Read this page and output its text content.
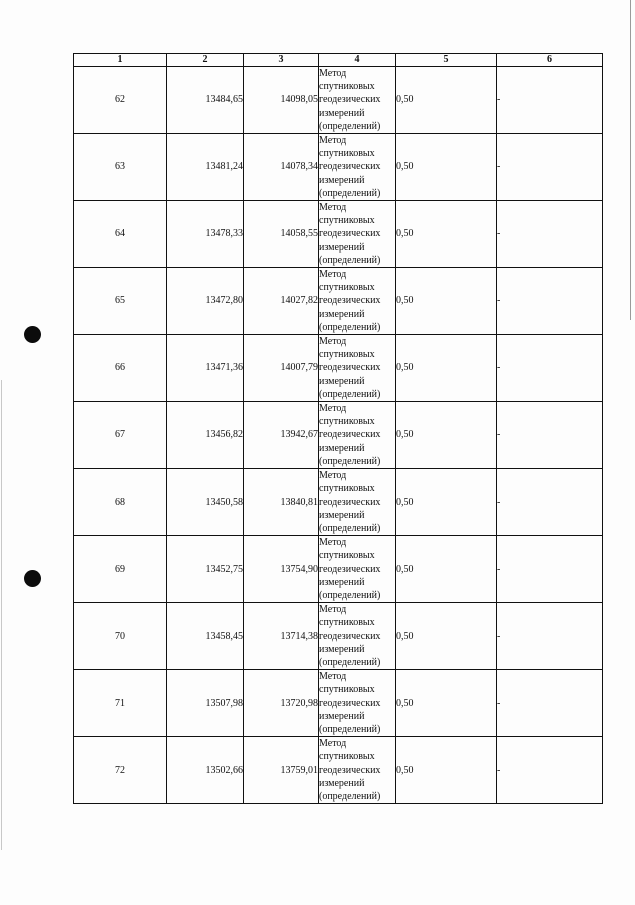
1	2	3	4	5	6
62	13484,65	14098,05	Метод
спутниковых
геодезических
измерений
(определений)	0,50	-
63	13481,24	14078,34	Метод
спутниковых
геодезических
измерений
(определений)	0,50	-
64	13478,33	14058,55	Метод
спутниковых
геодезических
измерений
(определений)	0,50	-
65	13472,80	14027,82	Метод
спутниковых
геодезических
измерений
(определений)	0,50	-
66	13471,36	14007,79	Метод
спутниковых
геодезических
измерений
(определений)	0,50	-
67	13456,82	13942,67	Метод
спутниковых
геодезических
измерений
(определений)	0,50	-
68	13450,58	13840,81	Метод
спутниковых
геодезических
измерений
(определений)	0,50	-
69	13452,75	13754,90	Метод
спутниковых
геодезических
измерений
(определений)	0,50	-
70	13458,45	13714,38	Метод
спутниковых
геодезических
измерений
(определений)	0,50	-
71	13507,98	13720,98	Метод
спутниковых
геодезических
измерений
(определений)	0,50	-
72	13502,66	13759,01	Метод
спутниковых
геодезических
измерений
(определений)	0,50	-
